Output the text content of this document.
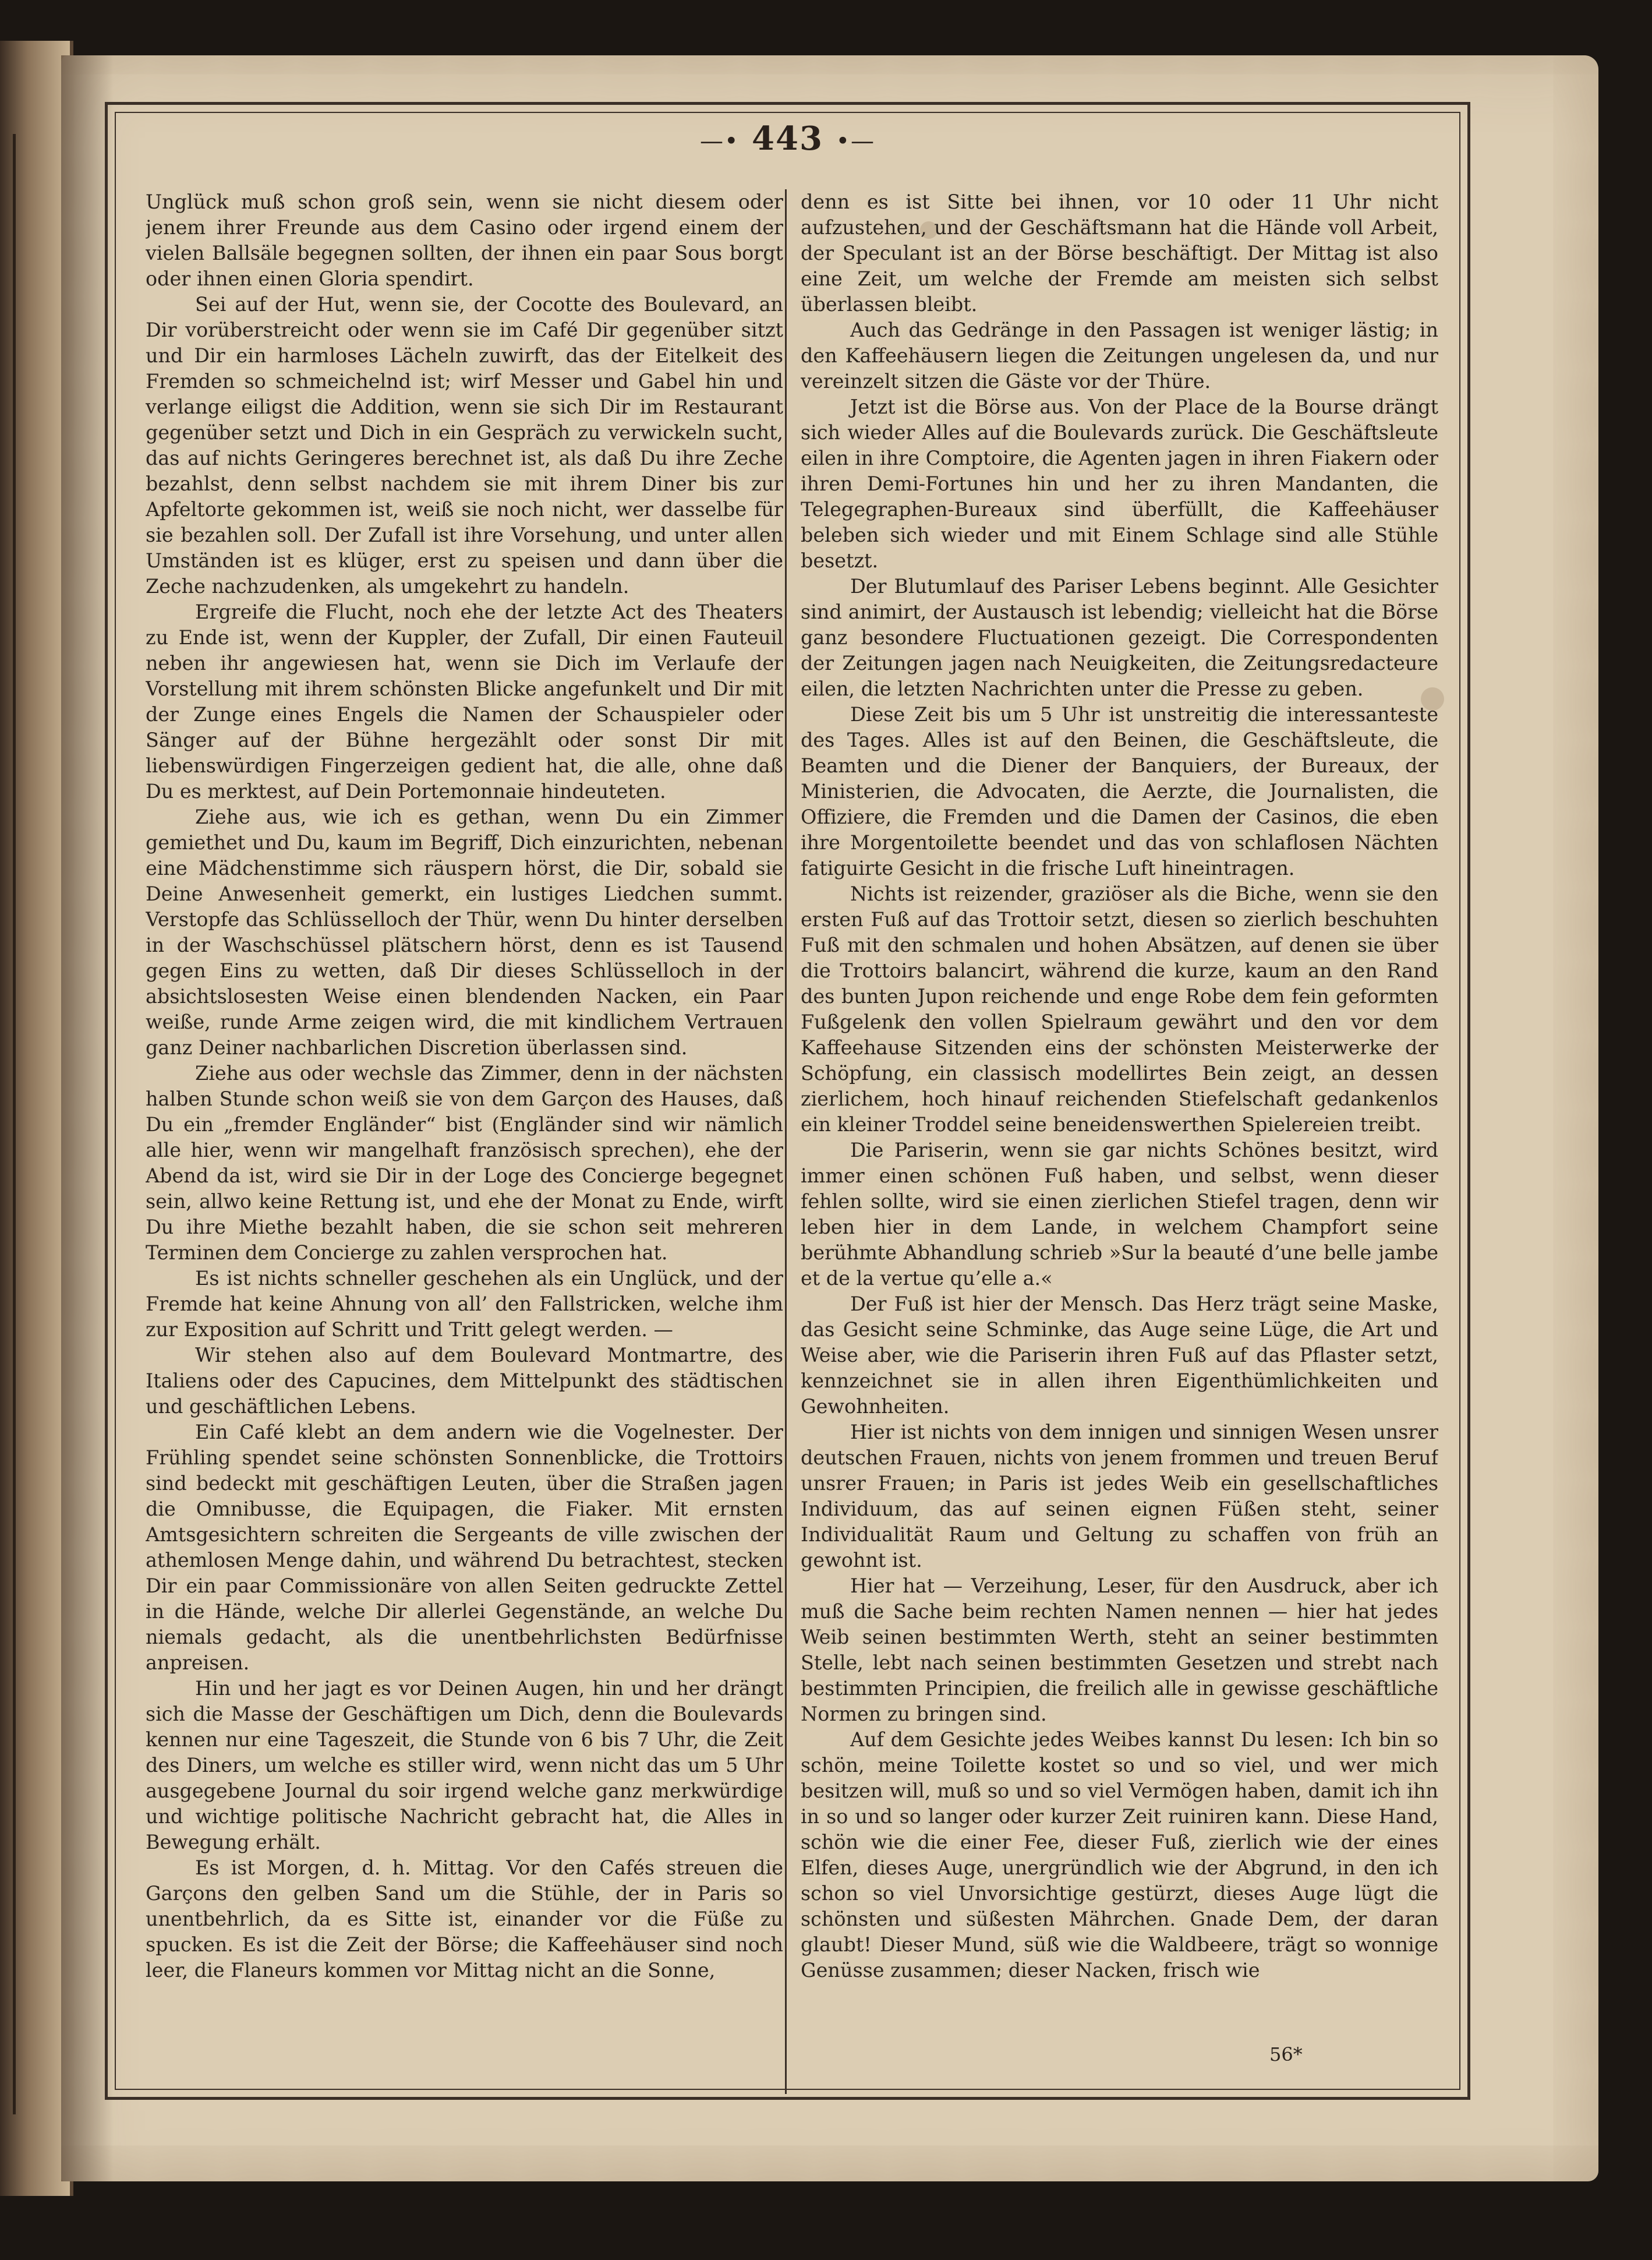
—• 443 •—

Unglück muß schon groß sein, wenn sie nicht diesem oder jenem ihrer Freunde aus dem Casino oder irgend einem der vielen Ballsäle begegnen sollten, der ihnen ein paar Sous borgt oder ihnen einen Gloria spendirt.

Sei auf der Hut, wenn sie, der Cocotte des Boulevard, an Dir vorüberstreicht oder wenn sie im Café Dir gegenüber sitzt und Dir ein harmloses Lächeln zuwirft, das der Eitelkeit des Fremden so schmeichelnd ist; wirf Messer und Gabel hin und verlange eiligst die Addition, wenn sie sich Dir im Restaurant gegenüber setzt und Dich in ein Gespräch zu verwickeln sucht, das auf nichts Geringeres berechnet ist, als daß Du ihre Zeche bezahlst, denn selbst nachdem sie mit ihrem Diner bis zur Apfeltorte gekommen ist, weiß sie noch nicht, wer dasselbe für sie bezahlen soll. Der Zufall ist ihre Vorsehung, und unter allen Umständen ist es klüger, erst zu speisen und dann über die Zeche nachzudenken, als umgekehrt zu handeln.

Ergreife die Flucht, noch ehe der letzte Act des Theaters zu Ende ist, wenn der Kuppler, der Zufall, Dir einen Fauteuil neben ihr angewiesen hat, wenn sie Dich im Verlaufe der Vorstellung mit ihrem schönsten Blicke angefunkelt und Dir mit der Zunge eines Engels die Namen der Schauspieler oder Sänger auf der Bühne hergezählt oder sonst Dir mit liebenswürdigen Fingerzeigen gedient hat, die alle, ohne daß Du es merktest, auf Dein Portemonnaie hindeuteten.

Ziehe aus, wie ich es gethan, wenn Du ein Zimmer gemiethet und Du, kaum im Begriff, Dich einzurichten, nebenan eine Mädchenstimme sich räuspern hörst, die Dir, sobald sie Deine Anwesenheit gemerkt, ein lustiges Liedchen summt. Verstopfe das Schlüsselloch der Thür, wenn Du hinter derselben in der Waschschüssel plätschern hörst, denn es ist Tausend gegen Eins zu wetten, daß Dir dieses Schlüsselloch in der absichtslosesten Weise einen blendenden Nacken, ein Paar weiße, runde Arme zeigen wird, die mit kindlichem Vertrauen ganz Deiner nachbarlichen Discretion überlassen sind.

Ziehe aus oder wechsle das Zimmer, denn in der nächsten halben Stunde schon weiß sie von dem Garçon des Hauses, daß Du ein „fremder Engländer“ bist (Engländer sind wir nämlich alle hier, wenn wir mangelhaft französisch sprechen), ehe der Abend da ist, wird sie Dir in der Loge des Concierge begegnet sein, allwo keine Rettung ist, und ehe der Monat zu Ende, wirft Du ihre Miethe bezahlt haben, die sie schon seit mehreren Terminen dem Concierge zu zahlen versprochen hat.

Es ist nichts schneller geschehen als ein Unglück, und der Fremde hat keine Ahnung von all’ den Fallstricken, welche ihm zur Exposition auf Schritt und Tritt gelegt werden. —

Wir stehen also auf dem Boulevard Montmartre, des Italiens oder des Capucines, dem Mittelpunkt des städtischen und geschäftlichen Lebens.

Ein Café klebt an dem andern wie die Vogelnester. Der Frühling spendet seine schönsten Sonnenblicke, die Trottoirs sind bedeckt mit geschäftigen Leuten, über die Straßen jagen die Omnibusse, die Equipagen, die Fiaker. Mit ernsten Amtsgesichtern schreiten die Sergeants de ville zwischen der athemlosen Menge dahin, und während Du betrachtest, stecken Dir ein paar Commissionäre von allen Seiten gedruckte Zettel in die Hände, welche Dir allerlei Gegenstände, an welche Du niemals gedacht, als die unentbehrlichsten Bedürfnisse anpreisen.

Hin und her jagt es vor Deinen Augen, hin und her drängt sich die Masse der Geschäftigen um Dich, denn die Boulevards kennen nur eine Tageszeit, die Stunde von 6 bis 7 Uhr, die Zeit des Diners, um welche es stiller wird, wenn nicht das um 5 Uhr ausgegebene Journal du soir irgend welche ganz merkwürdige und wichtige politische Nachricht gebracht hat, die Alles in Bewegung erhält.

Es ist Morgen, d. h. Mittag. Vor den Cafés streuen die Garçons den gelben Sand um die Stühle, der in Paris so unentbehrlich, da es Sitte ist, einander vor die Füße zu spucken. Es ist die Zeit der Börse; die Kaffeehäuser sind noch leer, die Flaneurs kommen vor Mittag nicht an die Sonne,

denn es ist Sitte bei ihnen, vor 10 oder 11 Uhr nicht aufzustehen, und der Geschäftsmann hat die Hände voll Arbeit, der Speculant ist an der Börse beschäftigt. Der Mittag ist also eine Zeit, um welche der Fremde am meisten sich selbst überlassen bleibt.

Auch das Gedränge in den Passagen ist weniger lästig; in den Kaffeehäusern liegen die Zeitungen ungelesen da, und nur vereinzelt sitzen die Gäste vor der Thüre.

Jetzt ist die Börse aus. Von der Place de la Bourse drängt sich wieder Alles auf die Boulevards zurück. Die Geschäftsleute eilen in ihre Comptoire, die Agenten jagen in ihren Fiakern oder ihren Demi-Fortunes hin und her zu ihren Mandanten, die Telegegraphen-Bureaux sind überfüllt, die Kaffeehäuser beleben sich wieder und mit Einem Schlage sind alle Stühle besetzt.

Der Blutumlauf des Pariser Lebens beginnt. Alle Gesichter sind animirt, der Austausch ist lebendig; vielleicht hat die Börse ganz besondere Fluctuationen gezeigt. Die Correspondenten der Zeitungen jagen nach Neuigkeiten, die Zeitungsredacteure eilen, die letzten Nachrichten unter die Presse zu geben.

Diese Zeit bis um 5 Uhr ist unstreitig die interessanteste des Tages. Alles ist auf den Beinen, die Geschäftsleute, die Beamten und die Diener der Banquiers, der Bureaux, der Ministerien, die Advocaten, die Aerzte, die Journalisten, die Offiziere, die Fremden und die Damen der Casinos, die eben ihre Morgentoilette beendet und das von schlaflosen Nächten fatiguirte Gesicht in die frische Luft hineintragen.

Nichts ist reizender, graziöser als die Biche, wenn sie den ersten Fuß auf das Trottoir setzt, diesen so zierlich beschuhten Fuß mit den schmalen und hohen Absätzen, auf denen sie über die Trottoirs balancirt, während die kurze, kaum an den Rand des bunten Jupon reichende und enge Robe dem fein geformten Fußgelenk den vollen Spielraum gewährt und den vor dem Kaffeehause Sitzenden eins der schönsten Meisterwerke der Schöpfung, ein classisch modellirtes Bein zeigt, an dessen zierlichem, hoch hinauf reichenden Stiefelschaft gedankenlos ein kleiner Troddel seine beneidenswerthen Spielereien treibt.

Die Pariserin, wenn sie gar nichts Schönes besitzt, wird immer einen schönen Fuß haben, und selbst, wenn dieser fehlen sollte, wird sie einen zierlichen Stiefel tragen, denn wir leben hier in dem Lande, in welchem Champfort seine berühmte Abhandlung schrieb »Sur la beauté d’une belle jambe et de la vertue qu’elle a.«

Der Fuß ist hier der Mensch. Das Herz trägt seine Maske, das Gesicht seine Schminke, das Auge seine Lüge, die Art und Weise aber, wie die Pariserin ihren Fuß auf das Pflaster setzt, kennzeichnet sie in allen ihren Eigenthümlichkeiten und Gewohnheiten.

Hier ist nichts von dem innigen und sinnigen Wesen unsrer deutschen Frauen, nichts von jenem frommen und treuen Beruf unsrer Frauen; in Paris ist jedes Weib ein gesellschaftliches Individuum, das auf seinen eignen Füßen steht, seiner Individualität Raum und Geltung zu schaffen von früh an gewohnt ist.

Hier hat — Verzeihung, Leser, für den Ausdruck, aber ich muß die Sache beim rechten Namen nennen — hier hat jedes Weib seinen bestimmten Werth, steht an seiner bestimmten Stelle, lebt nach seinen bestimmten Gesetzen und strebt nach bestimmten Principien, die freilich alle in gewisse geschäftliche Normen zu bringen sind.

Auf dem Gesichte jedes Weibes kannst Du lesen: Ich bin so schön, meine Toilette kostet so und so viel, und wer mich besitzen will, muß so und so viel Vermögen haben, damit ich ihn in so und so langer oder kurzer Zeit ruiniren kann. Diese Hand, schön wie die einer Fee, dieser Fuß, zierlich wie der eines Elfen, dieses Auge, unergründlich wie der Abgrund, in den ich schon so viel Unvorsichtige gestürzt, dieses Auge lügt die schönsten und süßesten Mährchen. Gnade Dem, der daran glaubt! Dieser Mund, süß wie die Waldbeere, trägt so wonnige Genüsse zusammen; dieser Nacken, frisch wie

56*
